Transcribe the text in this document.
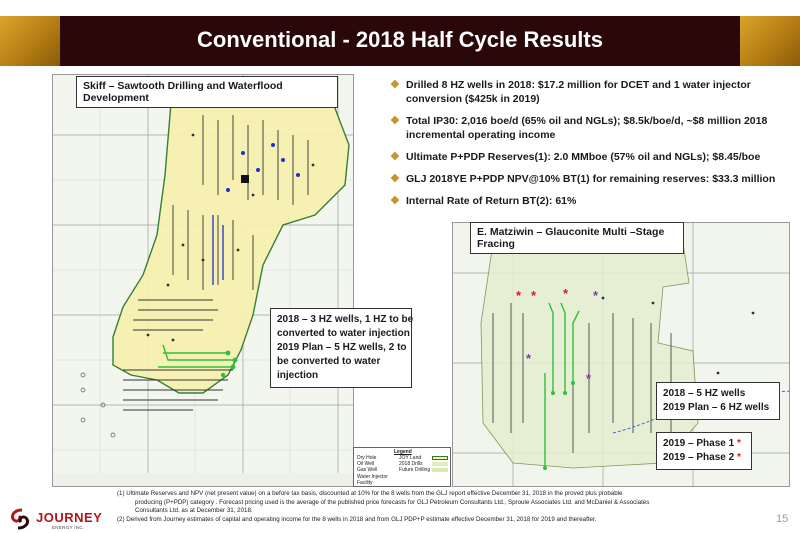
Conventional - 2018 Half Cycle Results
Skiff – Sawtooth Drilling and Waterflood Development
2018 – 3 HZ wells, 1 HZ to be
converted to water injection
2019 Plan – 5 HZ wells, 2 to
be converted to water
injection
Legend
Dry Hole
Oil Well
Gas Well
Water Injector
Facility
JOY Land
2018 Drills
Future Drilling
❖ Drilled 8 HZ wells in 2018: $17.2 million for DCET and 1 water injector conversion ($425k in 2019)
❖ Total IP30: 2,016 boe/d (65% oil and NGLs); $8.5k/boe/d, ~$8 million 2018 incremental operating income
❖ Ultimate P+PDP Reserves(1): 2.0 MMboe (57% oil and NGLs); $8.45/boe
❖ GLJ 2018YE P+PDP NPV@10% BT(1) for remaining reserves: $33.3 million
❖ Internal Rate of Return BT(2): 61%
* * * *
*
*
E. Matziwin – Glauconite Multi –Stage Fracing
2018 – 5 HZ wells
2019 Plan – 6 HZ wells
2019 – Phase 1 *
2019 – Phase 2 *
JOURNEY
ENERGY INC.
(1) Ultimate Reserves and NPV (net present value) on a before tax basis, discounted at 10% for the 8 wells from the GLJ report effective December 31, 2018 in the proved plus probable
producing (P+PDP) category . Forecast pricing used is the average of the published price forecasts for GLJ Petroleum Consultants Ltd., Sproule Associates Ltd. and McDaniel & Associates
Consultants Ltd. as at December 31, 2018.
(2) Derived from Journey estimates of capital and operating income for the 8 wells in 2018 and from GLJ PDP+P estimate effective December 31, 2018 for 2019 and thereafter.	15
